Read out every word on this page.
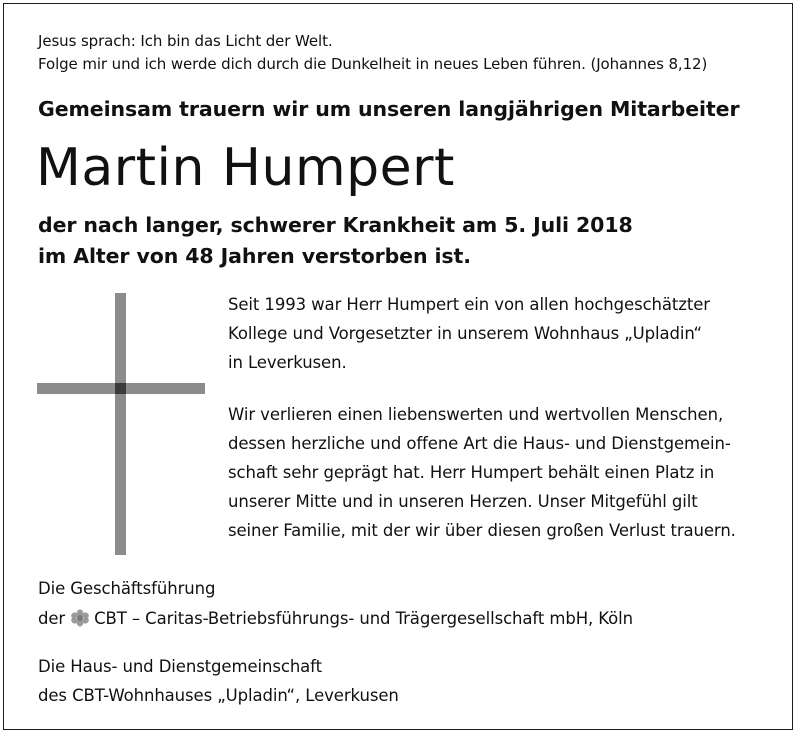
Jesus sprach: Ich bin das Licht der Welt.

Folge mir und ich werde dich durch die Dunkelheit in neues Leben führen. (Johannes 8,12)

Gemeinsam trauern wir um unseren langjährigen Mitarbeiter

Martin Humpert

der nach langer, schwerer Krankheit am 5. Juli 2018

im Alter von 48 Jahren verstorben ist.

Seit 1993 war Herr Humpert ein von allen hochgeschätzter

Kollege und Vorgesetzter in unserem Wohnhaus „Upladin“

in Leverkusen.

Wir verlieren einen liebenswerten und wertvollen Menschen,

dessen herzliche und offene Art die Haus- und Dienstgemein-

schaft sehr geprägt hat. Herr Humpert behält einen Platz in

unserer Mitte und in unseren Herzen. Unser Mitgefühl gilt

seiner Familie, mit der wir über diesen großen Verlust trauern.

Die Geschäftsführung

der CBT – Caritas-Betriebsführungs- und Trägergesellschaft mbH, Köln

Die Haus- und Dienstgemeinschaft

des CBT-Wohnhauses „Upladin“, Leverkusen
